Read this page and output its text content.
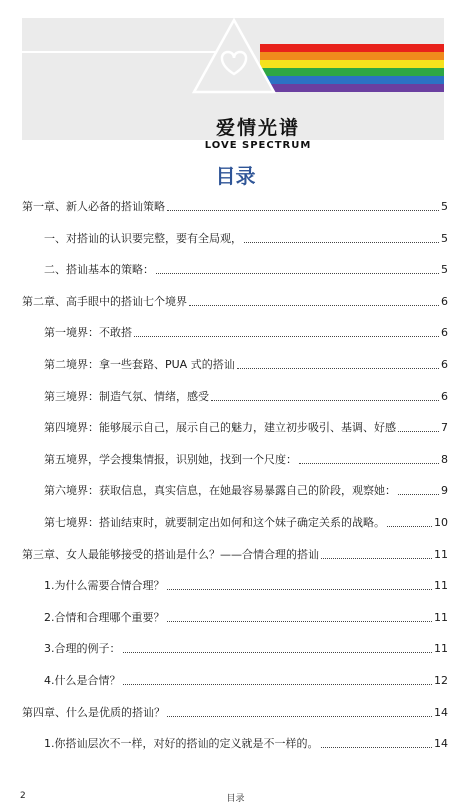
爱情光谱
LOVE SPECTRUM
目录
第一章、新人必备的搭讪策略	5
一、对搭讪的认识要完整，要有全局观，	5
二、搭讪基本的策略：	5
第二章、高手眼中的搭讪七个境界	6
第一境界：不敢搭	6
第二境界：拿一些套路、PUA 式的搭讪	6
第三境界：制造气氛、情绪，感受	6
第四境界：能够展示自己，展示自己的魅力，建立初步吸引、基调、好感	7
第五境界，学会搜集情报，识别她，找到一个尺度：	8
第六境界：获取信息，真实信息，在她最容易暴露自己的阶段，观察她：	9
第七境界：搭讪结束时，就要制定出如何和这个妹子确定关系的战略。	10
第三章、女人最能够接受的搭讪是什么？——合情合理的搭讪	11
1.为什么需要合情合理？	11
2.合情和合理哪个重要？	11
3.合理的例子：	11
4.什么是合情？	12
第四章、什么是优质的搭讪？	14
1.你搭讪层次不一样，对好的搭讪的定义就是不一样的。	14
2	目录
